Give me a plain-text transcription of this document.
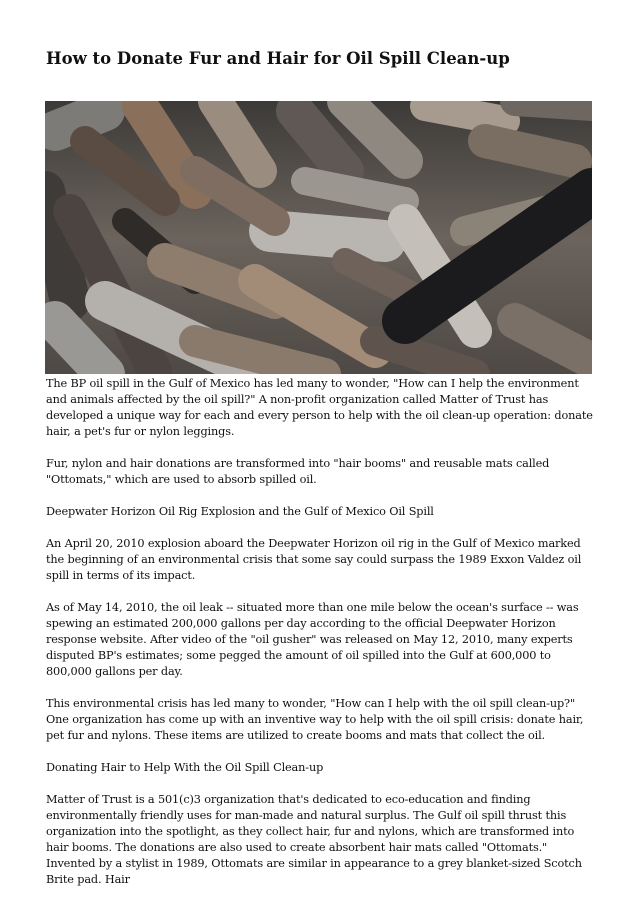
How to Donate Fur and Hair for Oil Spill Clean-up

The BP oil spill in the Gulf of Mexico has led many to wonder, "How can I help the environment and animals affected by the oil spill?" A non-profit organization called Matter of Trust has developed a unique way for each and every person to help with the oil clean-up operation: donate hair, a pet's fur or nylon leggings.

Fur, nylon and hair donations are transformed into "hair booms" and reusable mats called "Ottomats," which are used to absorb spilled oil.

Deepwater Horizon Oil Rig Explosion and the Gulf of Mexico Oil Spill

An April 20, 2010 explosion aboard the Deepwater Horizon oil rig in the Gulf of Mexico marked the beginning of an environmental crisis that some say could surpass the 1989 Exxon Valdez oil spill in terms of its impact.

As of May 14, 2010, the oil leak -- situated more than one mile below the ocean's surface -- was spewing an estimated 200,000 gallons per day according to the official Deepwater Horizon response website. After video of the "oil gusher" was released on May 12, 2010, many experts disputed BP's estimates; some pegged the amount of oil spilled into the Gulf at 600,000 to 800,000 gallons per day.

This environmental crisis has led many to wonder, "How can I help with the oil spill clean-up?" One organization has come up with an inventive way to help with the oil spill crisis: donate hair, pet fur and nylons. These items are utilized to create booms and mats that collect the oil.

Donating Hair to Help With the Oil Spill Clean-up

Matter of Trust is a 501(c)3 organization that's dedicated to eco-education and finding environmentally friendly uses for man-made and natural surplus. The Gulf oil spill thrust this organization into the spotlight, as they collect hair, fur and nylons, which are transformed into hair booms. The donations are also used to create absorbent hair mats called "Ottomats." Invented by a stylist in 1989, Ottomats are similar in appearance to a grey blanket-sized Scotch Brite pad. Hair
